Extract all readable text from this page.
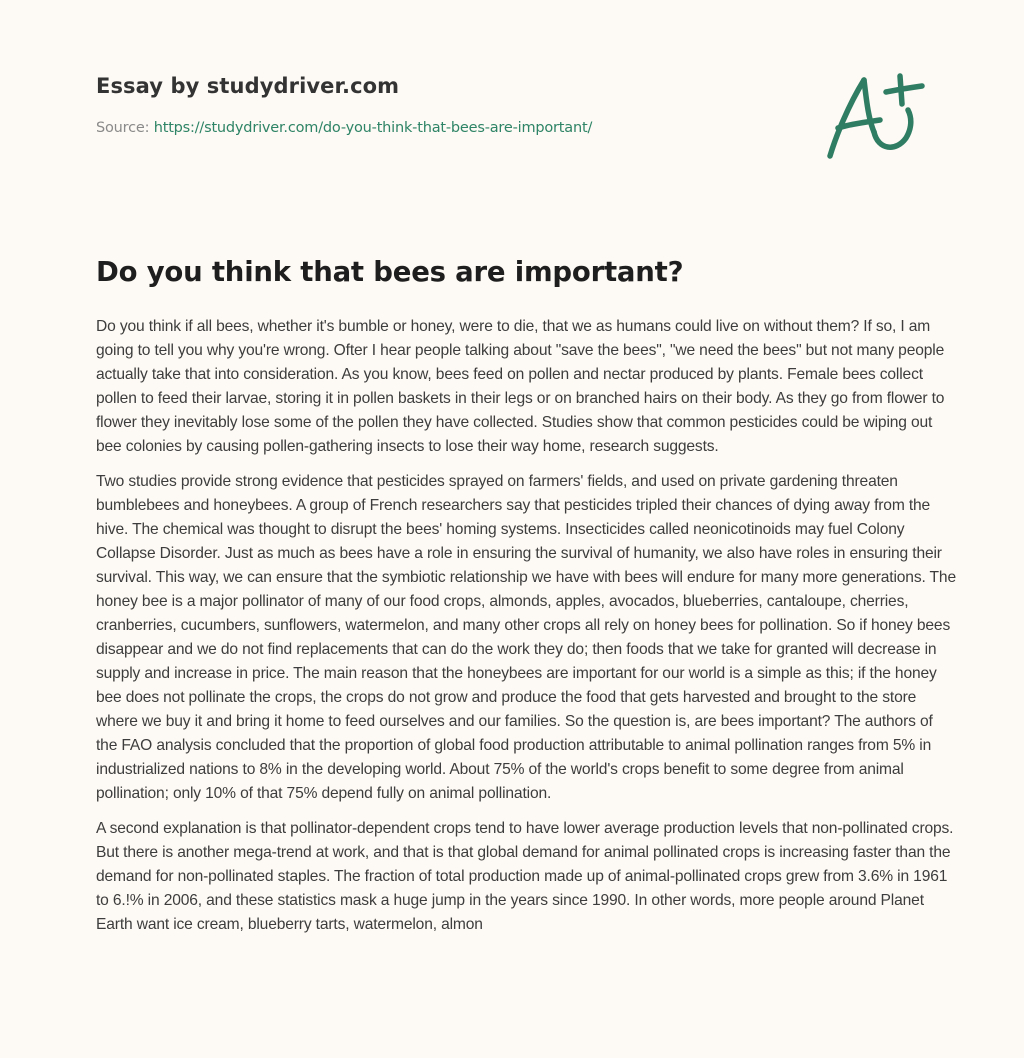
Essay by studydriver.com
Source: https://studydriver.com/do-you-think-that-bees-are-important/
Do you think that bees are important?

Do you think if all bees, whether it's bumble or honey, were to die, that we as humans could live on without them? If so, I am going to tell you why you're wrong. Ofter I hear people talking about "save the bees", "we need the bees" but not many people actually take that into consideration. As you know, bees feed on pollen and nectar produced by plants. Female bees collect pollen to feed their larvae, storing it in pollen baskets in their legs or on branched hairs on their body. As they go from flower to flower they inevitably lose some of the pollen they have collected. Studies show that common pesticides could be wiping out bee colonies by causing pollen-gathering insects to lose their way home, research suggests.

Two studies provide strong evidence that pesticides sprayed on farmers' fields, and used on private gardening threaten bumblebees and honeybees. A group of French researchers say that pesticides tripled their chances of dying away from the hive. The chemical was thought to disrupt the bees' homing systems. Insecticides called neonicotinoids may fuel Colony Collapse Disorder. Just as much as bees have a role in ensuring the survival of humanity, we also have roles in ensuring their survival. This way, we can ensure that the symbiotic relationship we have with bees will endure for many more generations. The honey bee is a major pollinator of many of our food crops, almonds, apples, avocados, blueberries, cantaloupe, cherries, cranberries, cucumbers, sunflowers, watermelon, and many other crops all rely on honey bees for pollination. So if honey bees disappear and we do not find replacements that can do the work they do; then foods that we take for granted will decrease in supply and increase in price. The main reason that the honeybees are important for our world is a simple as this; if the honey bee does not pollinate the crops, the crops do not grow and produce the food that gets harvested and brought to the store where we buy it and bring it home to feed ourselves and our families. So the question is, are bees important? The authors of the FAO analysis concluded that the proportion of global food production attributable to animal pollination ranges from 5% in industrialized nations to 8% in the developing world. About 75% of the world's crops benefit to some degree from animal pollination; only 10% of that 75% depend fully on animal pollination.

A second explanation is that pollinator-dependent crops tend to have lower average production levels that non-pollinated crops. But there is another mega-trend at work, and that is that global demand for animal pollinated crops is increasing faster than the demand for non-pollinated staples. The fraction of total production made up of animal-pollinated crops grew from 3.6% in 1961 to 6.!% in 2006, and these statistics mask a huge jump in the years since 1990. In other words, more people around Planet Earth want ice cream, blueberry tarts, watermelon, almon
